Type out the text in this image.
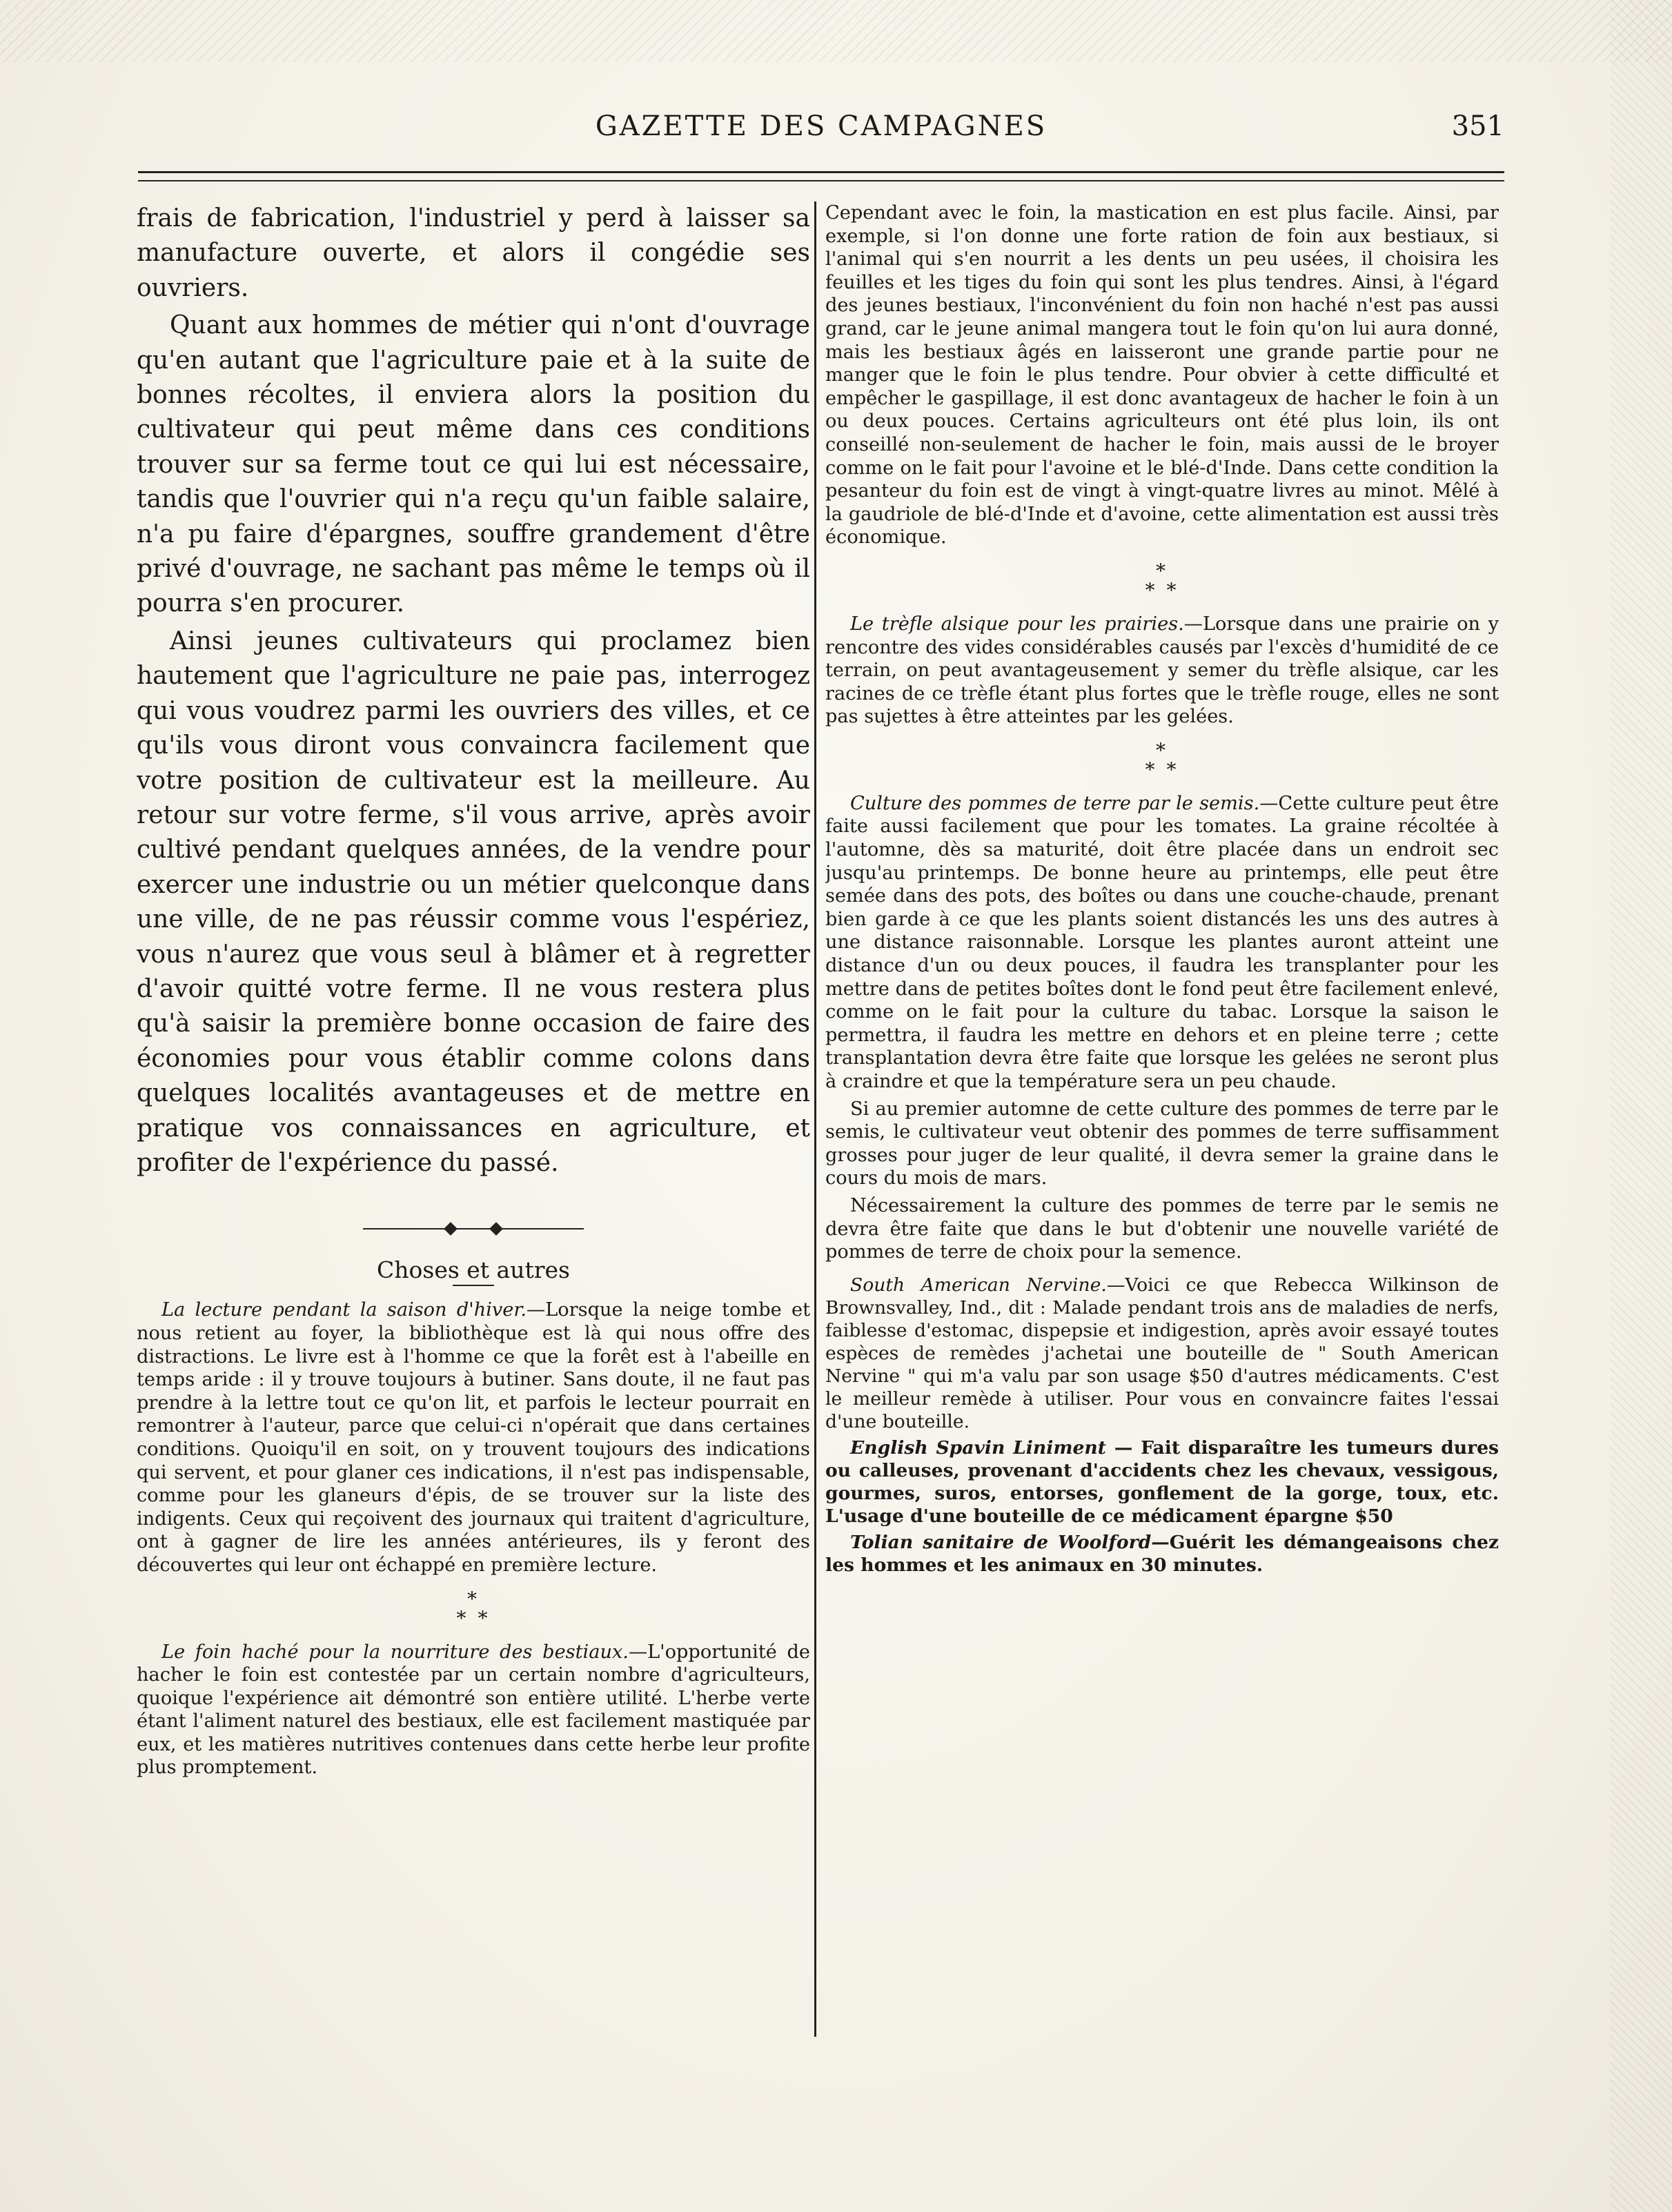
GAZETTE DES CAMPAGNES	351

frais de fabrication, l'industriel y perd à laisser sa manufacture ouverte, et alors il congédie ses ouvriers.

Quant aux hommes de métier qui n'ont d'ouvrage qu'en autant que l'agriculture paie et à la suite de bonnes récoltes, il enviera alors la position du cultivateur qui peut même dans ces conditions trouver sur sa ferme tout ce qui lui est nécessaire, tandis que l'ouvrier qui n'a reçu qu'un faible salaire, n'a pu faire d'épargnes, souffre grandement d'être privé d'ouvrage, ne sachant pas même le temps où il pourra s'en procurer.

Ainsi jeunes cultivateurs qui proclamez bien hautement que l'agriculture ne paie pas, interrogez qui vous voudrez parmi les ouvriers des villes, et ce qu'ils vous diront vous convaincra facilement que votre position de cultivateur est la meilleure. Au retour sur votre ferme, s'il vous arrive, après avoir cultivé pendant quelques années, de la vendre pour exercer une industrie ou un métier quelconque dans une ville, de ne pas réussir comme vous l'espériez, vous n'aurez que vous seul à blâmer et à regretter d'avoir quitté votre ferme. Il ne vous restera plus qu'à saisir la première bonne occasion de faire des économies pour vous établir comme colons dans quelques localités avantageuses et de mettre en pratique vos connaissances en agriculture, et profiter de l'expérience du passé.

Choses et autres

La lecture pendant la saison d'hiver.—Lorsque la neige tombe et nous retient au foyer, la bibliothèque est là qui nous offre des distractions. Le livre est à l'homme ce que la forêt est à l'abeille en temps aride : il y trouve toujours à butiner. Sans doute, il ne faut pas prendre à la lettre tout ce qu'on lit, et parfois le lecteur pourrait en remontrer à l'auteur, parce que celui-ci n'opérait que dans certaines conditions. Quoiqu'il en soit, on y trouvent toujours des indications qui servent, et pour glaner ces indications, il n'est pas indispensable, comme pour les glaneurs d'épis, de se trouver sur la liste des indigents. Ceux qui reçoivent des journaux qui traitent d'agriculture, ont à gagner de lire les années antérieures, ils y feront des découvertes qui leur ont échappé en première lecture.

*
* *

Le foin haché pour la nourriture des bestiaux.—L'opportunité de hacher le foin est contestée par un certain nombre d'agriculteurs, quoique l'expérience ait démontré son entière utilité. L'herbe verte étant l'aliment naturel des bestiaux, elle est facilement mastiquée par eux, et les matières nutritives contenues dans cette herbe leur profite plus promptement.

Cependant avec le foin, la mastication en est plus facile. Ainsi, par exemple, si l'on donne une forte ration de foin aux bestiaux, si l'animal qui s'en nourrit a les dents un peu usées, il choisira les feuilles et les tiges du foin qui sont les plus tendres. Ainsi, à l'égard des jeunes bestiaux, l'inconvénient du foin non haché n'est pas aussi grand, car le jeune animal mangera tout le foin qu'on lui aura donné, mais les bestiaux âgés en laisseront une grande partie pour ne manger que le foin le plus tendre. Pour obvier à cette difficulté et empêcher le gaspillage, il est donc avantageux de hacher le foin à un ou deux pouces. Certains agriculteurs ont été plus loin, ils ont conseillé non-seulement de hacher le foin, mais aussi de le broyer comme on le fait pour l'avoine et le blé-d'Inde. Dans cette condition la pesanteur du foin est de vingt à vingt-quatre livres au minot. Mêlé à la gaudriole de blé-d'Inde et d'avoine, cette alimentation est aussi très économique.

*
* *

Le trèfle alsique pour les prairies.—Lorsque dans une prairie on y rencontre des vides considérables causés par l'excès d'humidité de ce terrain, on peut avantageusement y semer du trèfle alsique, car les racines de ce trèfle étant plus fortes que le trèfle rouge, elles ne sont pas sujettes à être atteintes par les gelées.

*
* *

Culture des pommes de terre par le semis.—Cette culture peut être faite aussi facilement que pour les tomates. La graine récoltée à l'automne, dès sa maturité, doit être placée dans un endroit sec jusqu'au printemps. De bonne heure au printemps, elle peut être semée dans des pots, des boîtes ou dans une couche-chaude, prenant bien garde à ce que les plants soient distancés les uns des autres à une distance raisonnable. Lorsque les plantes auront atteint une distance d'un ou deux pouces, il faudra les transplanter pour les mettre dans de petites boîtes dont le fond peut être facilement enlevé, comme on le fait pour la culture du tabac. Lorsque la saison le permettra, il faudra les mettre en dehors et en pleine terre ; cette transplantation devra être faite que lorsque les gelées ne seront plus à craindre et que la température sera un peu chaude.

Si au premier automne de cette culture des pommes de terre par le semis, le cultivateur veut obtenir des pommes de terre suffisamment grosses pour juger de leur qualité, il devra semer la graine dans le cours du mois de mars.

Nécessairement la culture des pommes de terre par le semis ne devra être faite que dans le but d'obtenir une nouvelle variété de pommes de terre de choix pour la semence.

South American Nervine.—Voici ce que Rebecca Wilkinson de Brownsvalley, Ind., dit : Malade pendant trois ans de maladies de nerfs, faiblesse d'estomac, dispepsie et indigestion, après avoir essayé toutes espèces de remèdes j'achetai une bouteille de " South American Nervine " qui m'a valu par son usage $50 d'autres médicaments. C'est le meilleur remède à utiliser. Pour vous en convaincre faites l'essai d'une bouteille.

English Spavin Liniment — Fait disparaître les tumeurs dures ou calleuses, provenant d'accidents chez les chevaux, vessigous, gourmes, suros, entorses, gonflement de la gorge, toux, etc. L'usage d'une bouteille de ce médicament épargne $50

Tolian sanitaire de Woolford—Guérit les démangeaisons chez les hommes et les animaux en 30 minutes.
